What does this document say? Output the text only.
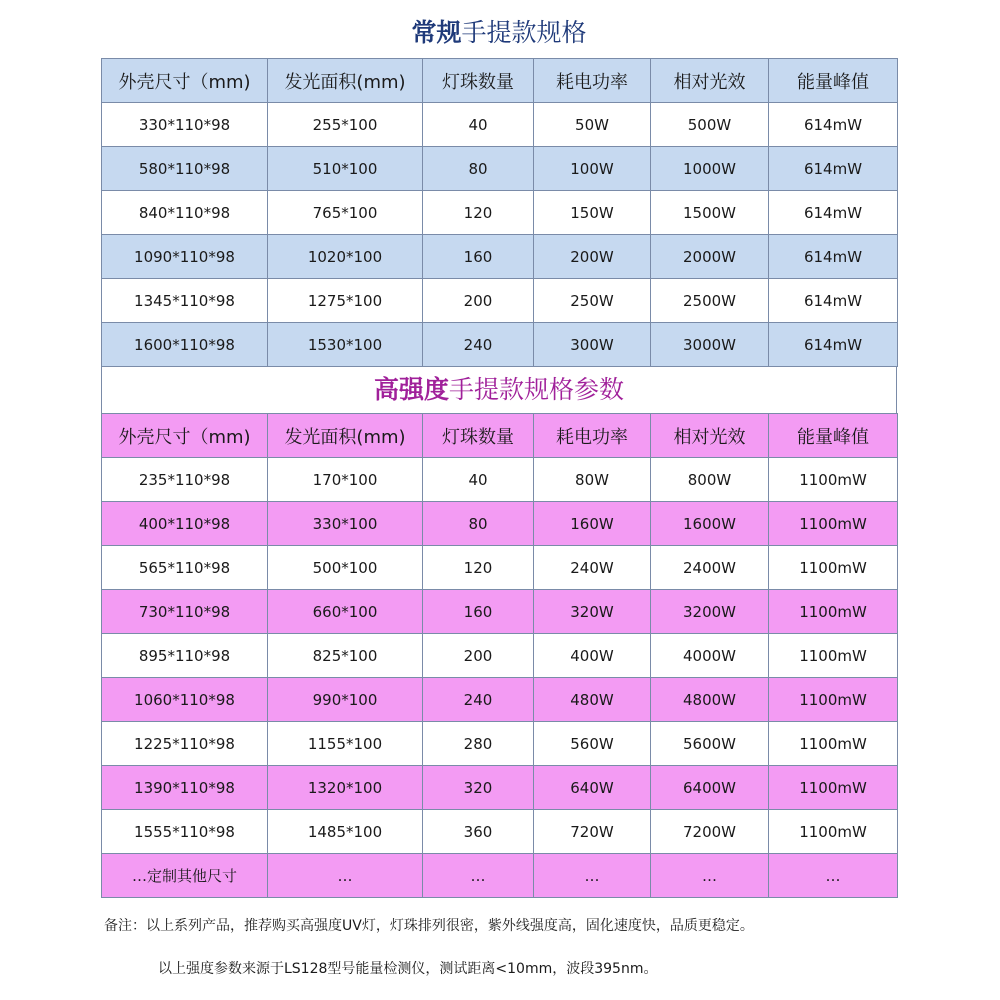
常规手提款规格
外壳尺寸（mm)	发光面积(mm)	灯珠数量	耗电功率	相对光效	能量峰值
330*110*98	255*100	40	50W	500W	614mW
580*110*98	510*100	80	100W	1000W	614mW
840*110*98	765*100	120	150W	1500W	614mW
1090*110*98	1020*100	160	200W	2000W	614mW
1345*110*98	1275*100	200	250W	2500W	614mW
1600*110*98	1530*100	240	300W	3000W	614mW
高强度手提款规格参数
外壳尺寸（mm)	发光面积(mm)	灯珠数量	耗电功率	相对光效	能量峰值
235*110*98	170*100	40	80W	800W	1100mW
400*110*98	330*100	80	160W	1600W	1100mW
565*110*98	500*100	120	240W	2400W	1100mW
730*110*98	660*100	160	320W	3200W	1100mW
895*110*98	825*100	200	400W	4000W	1100mW
1060*110*98	990*100	240	480W	4800W	1100mW
1225*110*98	1155*100	280	560W	5600W	1100mW
1390*110*98	1320*100	320	640W	6400W	1100mW
1555*110*98	1485*100	360	720W	7200W	1100mW
…定制其他尺寸	…	…	…	…	…
备注：以上系列产品，推荐购买高强度UV灯，灯珠排列很密，紫外线强度高，固化速度快，品质更稳定。
以上强度参数来源于LS128型号能量检测仪，测试距离<10mm，波段395nm。
